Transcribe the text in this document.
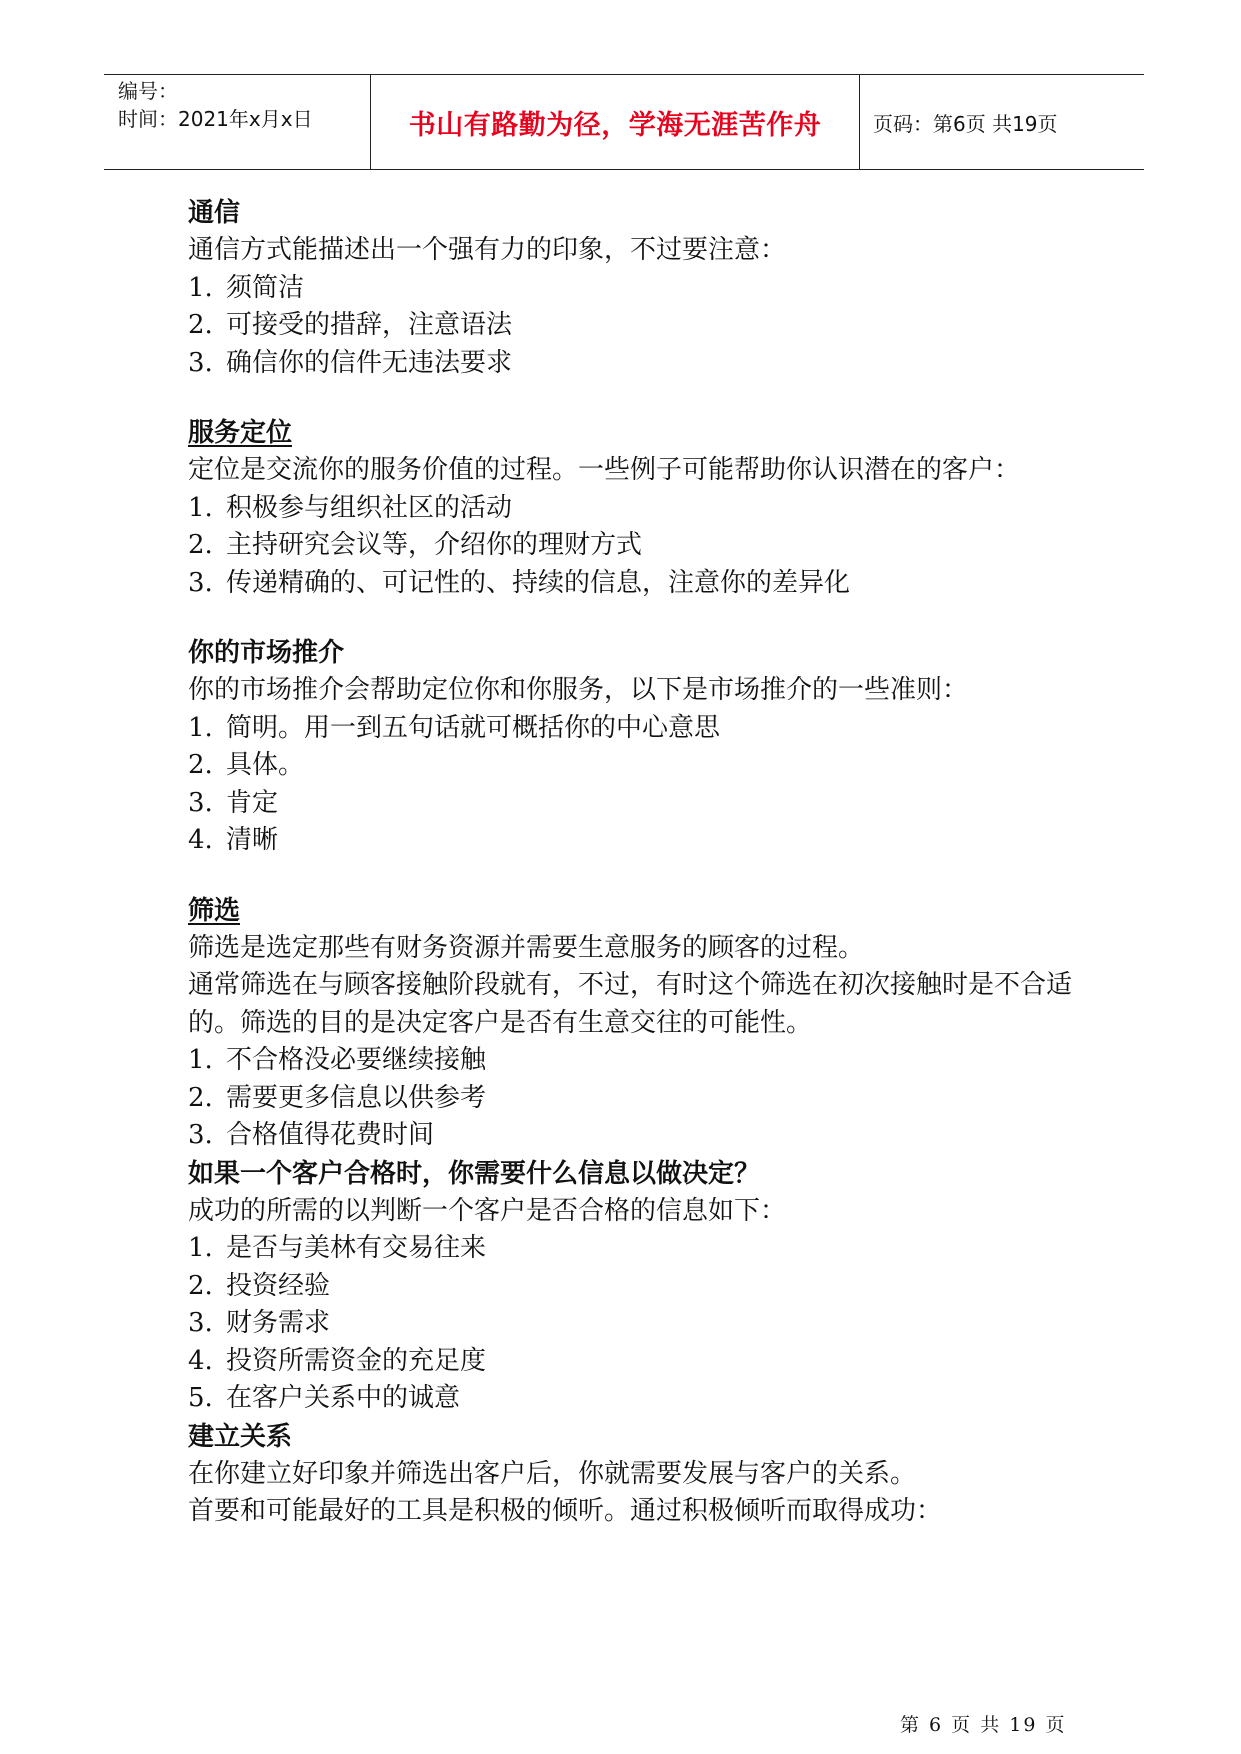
编号：
时间：2021年x月x日	书山有路勤为径，学海无涯苦作舟	页码：第6页 共19页
通信

通信方式能描述出一个强有力的印象，不过要注意：

1. 须简洁
2. 可接受的措辞，注意语法
3. 确信你的信件无违法要求
服务定位

定位是交流你的服务价值的过程。一些例子可能帮助你认识潜在的客户：

1. 积极参与组织社区的活动
2. 主持研究会议等，介绍你的理财方式
3. 传递精确的、可记性的、持续的信息，注意你的差异化
你的市场推介

你的市场推介会帮助定位你和你服务，以下是市场推介的一些准则：

1. 简明。用一到五句话就可概括你的中心意思
2. 具体。
3. 肯定
4. 清晰
筛选

筛选是选定那些有财务资源并需要生意服务的顾客的过程。

通常筛选在与顾客接触阶段就有，不过，有时这个筛选在初次接触时是不合适的。筛选的目的是决定客户是否有生意交往的可能性。

1. 不合格没必要继续接触
2. 需要更多信息以供参考
3. 合格值得花费时间
如果一个客户合格时，你需要什么信息以做决定？

成功的所需的以判断一个客户是否合格的信息如下：

1. 是否与美林有交易往来
2. 投资经验
3. 财务需求
4. 投资所需资金的充足度
5. 在客户关系中的诚意
建立关系

在你建立好印象并筛选出客户后，你就需要发展与客户的关系。

首要和可能最好的工具是积极的倾听。通过积极倾听而取得成功：

第 6 页 共 19 页
